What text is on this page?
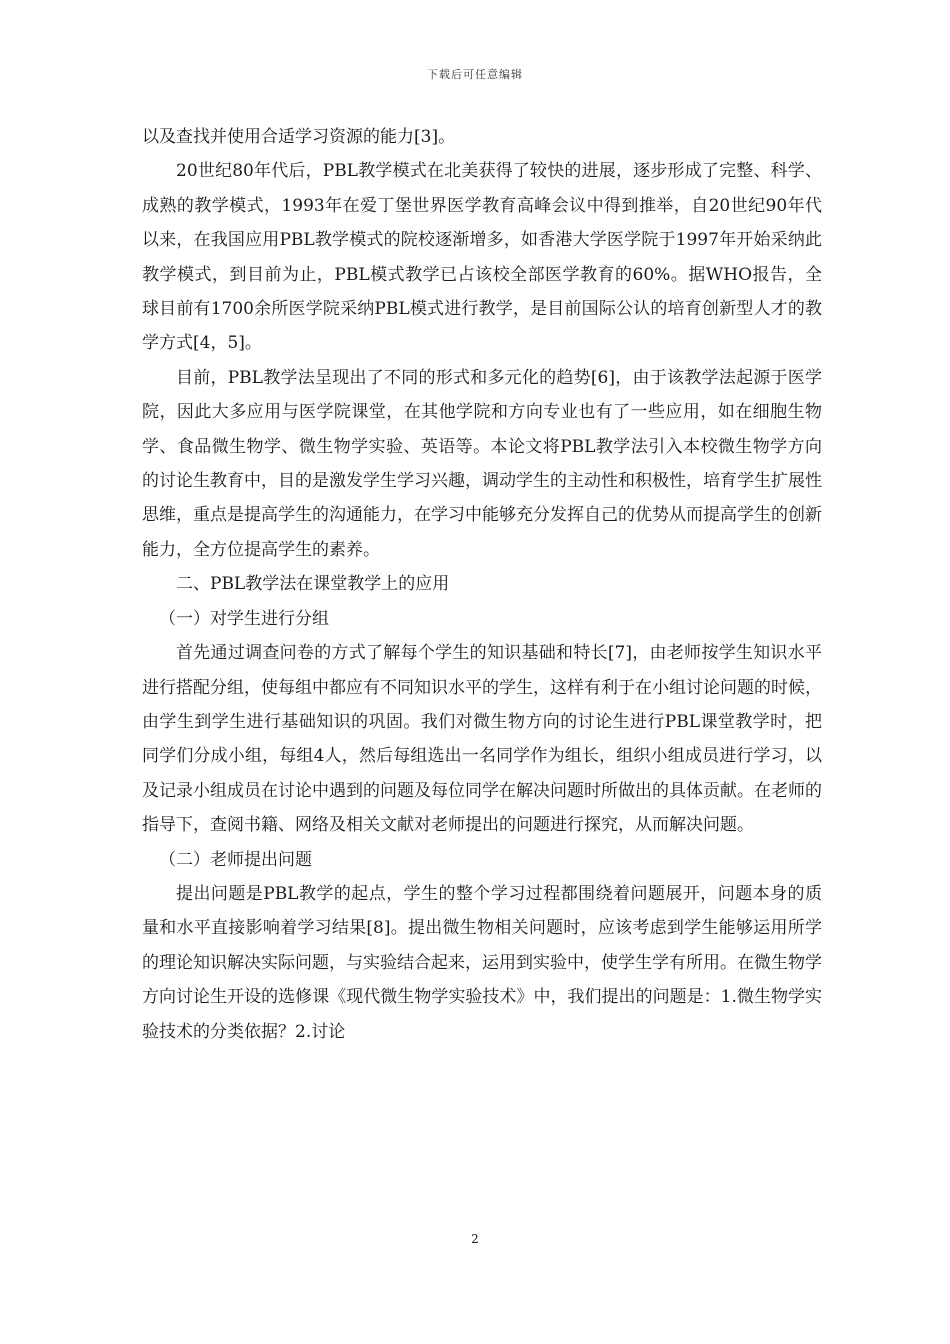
下载后可任意编辑

以及查找并使用合适学习资源的能力[3]。

20世纪80年代后，PBL教学模式在北美获得了较快的进展，逐步形成了完整、科学、成熟的教学模式，1993年在爱丁堡世界医学教育高峰会议中得到推举，自20世纪90年代以来，在我国应用PBL教学模式的院校逐渐增多，如香港大学医学院于1997年开始采纳此教学模式，到目前为止，PBL模式教学已占该校全部医学教育的60%。据WHO报告，全球目前有1700余所医学院采纳PBL模式进行教学，是目前国际公认的培育创新型人才的教学方式[4，5]。

目前，PBL教学法呈现出了不同的形式和多元化的趋势[6]，由于该教学法起源于医学院，因此大多应用与医学院课堂，在其他学院和方向专业也有了一些应用，如在细胞生物学、食品微生物学、微生物学实验、英语等。本论文将PBL教学法引入本校微生物学方向的讨论生教育中，目的是激发学生学习兴趣，调动学生的主动性和积极性，培育学生扩展性思维，重点是提高学生的沟通能力，在学习中能够充分发挥自己的优势从而提高学生的创新能力，全方位提高学生的素养。

二、PBL教学法在课堂教学上的应用

（一）对学生进行分组

首先通过调查问卷的方式了解每个学生的知识基础和特长[7]，由老师按学生知识水平进行搭配分组，使每组中都应有不同知识水平的学生，这样有利于在小组讨论问题的时候，由学生到学生进行基础知识的巩固。我们对微生物方向的讨论生进行PBL课堂教学时，把同学们分成小组，每组4人，然后每组选出一名同学作为组长，组织小组成员进行学习，以及记录小组成员在讨论中遇到的问题及每位同学在解决问题时所做出的具体贡献。在老师的指导下，查阅书籍、网络及相关文献对老师提出的问题进行探究，从而解决问题。

（二）老师提出问题

提出问题是PBL教学的起点，学生的整个学习过程都围绕着问题展开，问题本身的质量和水平直接影响着学习结果[8]。提出微生物相关问题时，应该考虑到学生能够运用所学的理论知识解决实际问题，与实验结合起来，运用到实验中，使学生学有所用。在微生物学方向讨论生开设的选修课《现代微生物学实验技术》中，我们提出的问题是：1.微生物学实验技术的分类依据？2.讨论

2
